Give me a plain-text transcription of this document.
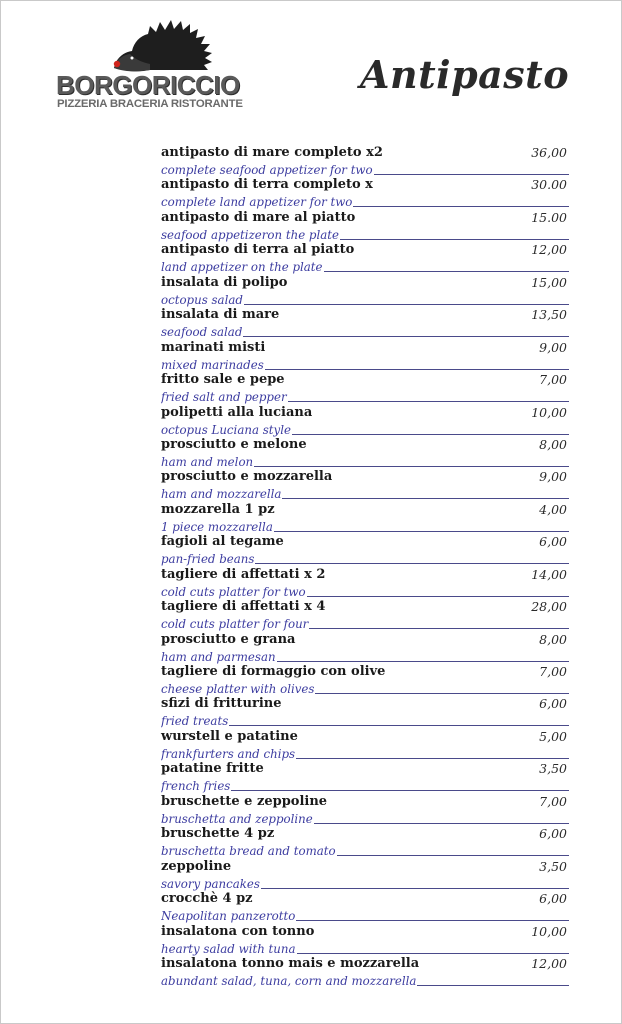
BORGORICCIO
PIZZERIA BRACERIA RISTORANTE
Antipasto
antipasto di mare completo x2	36,00
complete seafood appetizer for two
antipasto di terra completo x	30.00
complete land appetizer for two
antipasto di mare al piatto	15.00
seafood appetizeron the plate
antipasto di terra al piatto	12,00
land appetizer on the plate
insalata di polipo	15,00
octopus salad
insalata di mare	13,50
seafood salad
marinati misti	9,00
mixed marinades
fritto sale e pepe	7,00
fried salt and pepper
polipetti alla luciana	10,00
octopus Luciana style
prosciutto e melone	8,00
ham and melon
prosciutto e mozzarella	9,00
ham and mozzarella
mozzarella 1 pz	4,00
1 piece mozzarella
fagioli al tegame	6,00
pan-fried beans
tagliere di affettati x 2	14,00
cold cuts platter for two
tagliere di affettati x 4	28,00
cold cuts platter for four
prosciutto e grana	8,00
ham and parmesan
tagliere di formaggio con olive	7,00
cheese platter with olives
sfizi di fritturine	6,00
fried treats
wurstell e patatine	5,00
frankfurters and chips
patatine fritte	3,50
french fries
bruschette e zeppoline	7,00
bruschetta and zeppoline
bruschette 4 pz	6,00
bruschetta bread and tomato
zeppoline	3,50
savory pancakes
crocchè 4 pz	6,00
Neapolitan panzerotto
insalatona con tonno	10,00
hearty salad with tuna
insalatona tonno mais e mozzarella	12,00
abundant salad, tuna, corn and mozzarella
